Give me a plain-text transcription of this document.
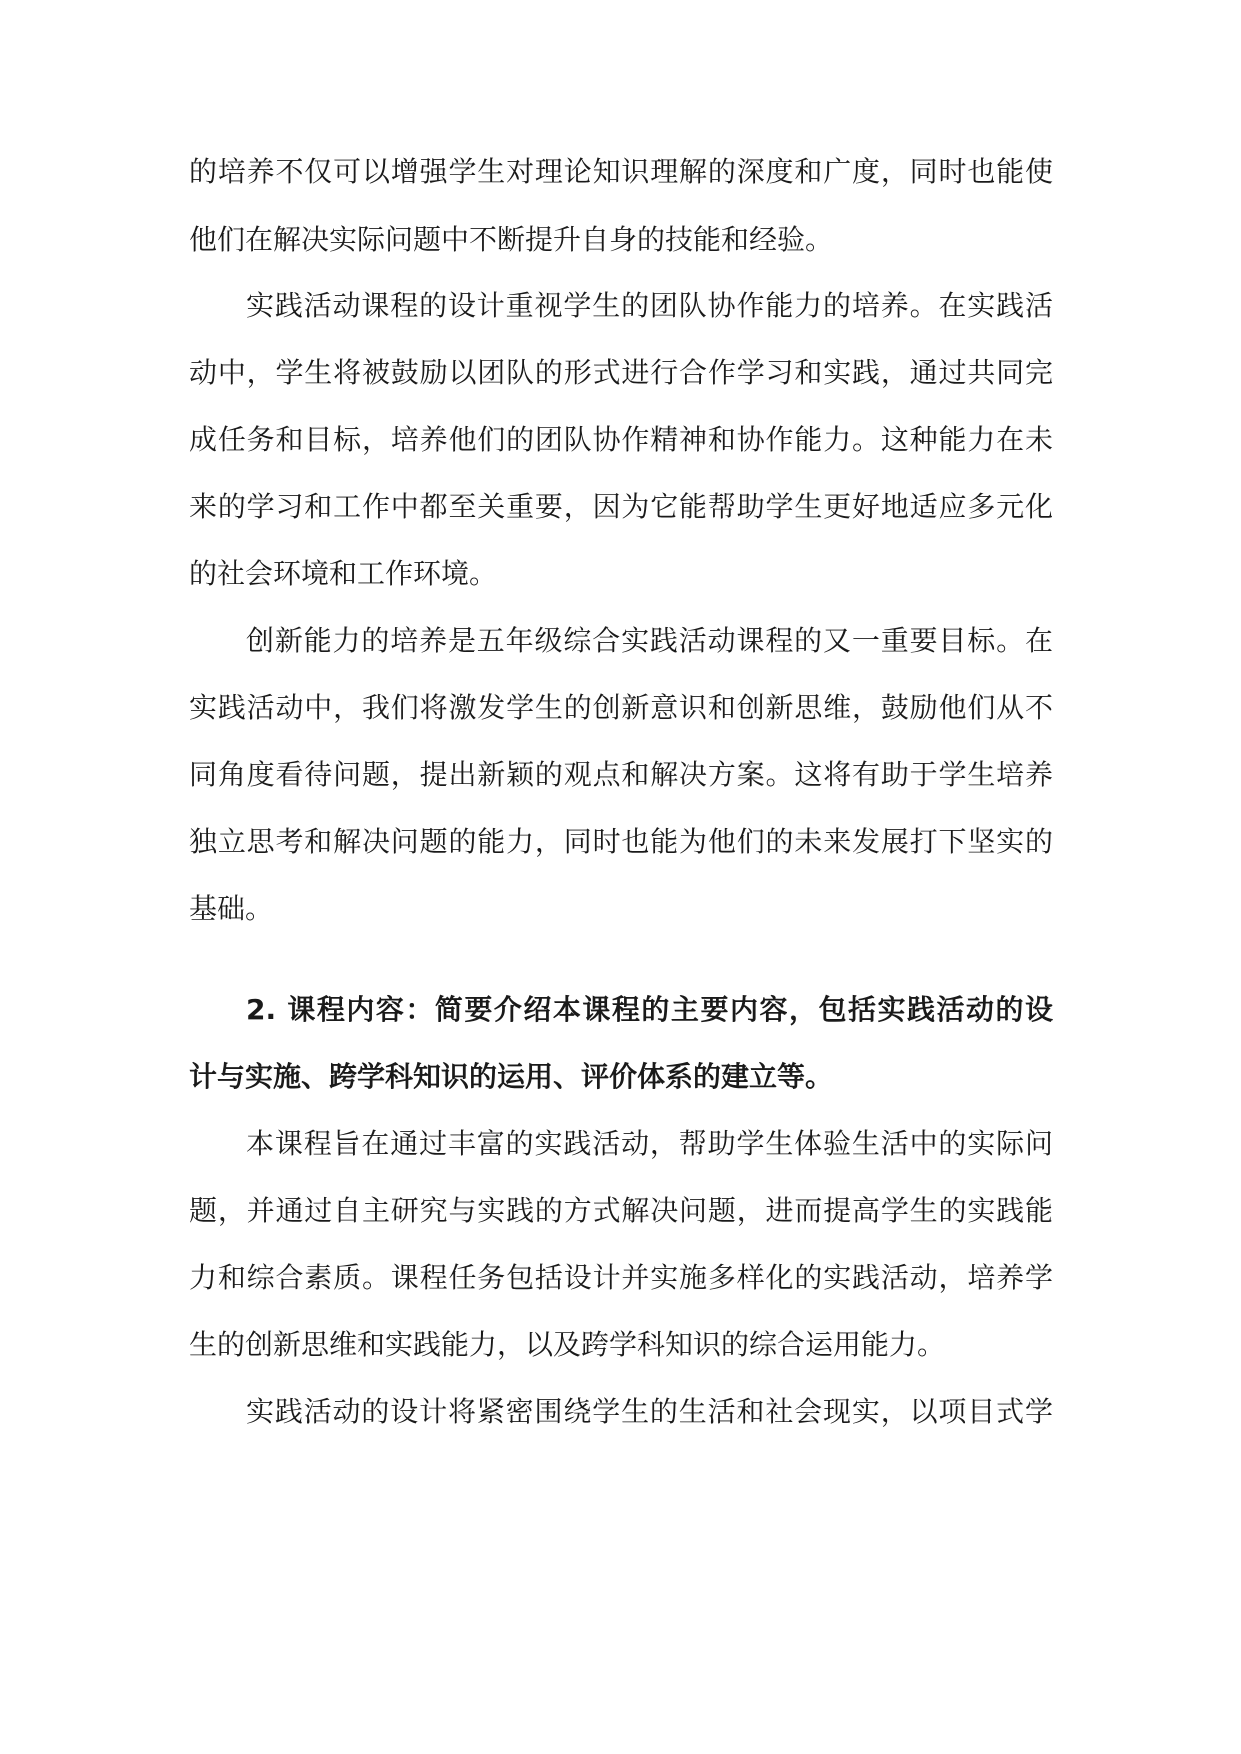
的培养不仅可以增强学生对理论知识理解的深度和广度，同时也能使
他们在解决实际问题中不断提升自身的技能和经验。
实践活动课程的设计重视学生的团队协作能力的培养。在实践活
动中，学生将被鼓励以团队的形式进行合作学习和实践，通过共同完
成任务和目标，培养他们的团队协作精神和协作能力。这种能力在未
来的学习和工作中都至关重要，因为它能帮助学生更好地适应多元化
的社会环境和工作环境。
创新能力的培养是五年级综合实践活动课程的又一重要目标。在
实践活动中，我们将激发学生的创新意识和创新思维，鼓励他们从不
同角度看待问题，提出新颖的观点和解决方案。这将有助于学生培养
独立思考和解决问题的能力，同时也能为他们的未来发展打下坚实的
基础。
2. 课程内容：简要介绍本课程的主要内容，包括实践活动的设
计与实施、跨学科知识的运用、评价体系的建立等。
本课程旨在通过丰富的实践活动，帮助学生体验生活中的实际问
题，并通过自主研究与实践的方式解决问题，进而提高学生的实践能
力和综合素质。课程任务包括设计并实施多样化的实践活动，培养学
生的创新思维和实践能力，以及跨学科知识的综合运用能力。
实践活动的设计将紧密围绕学生的生活和社会现实，以项目式学
